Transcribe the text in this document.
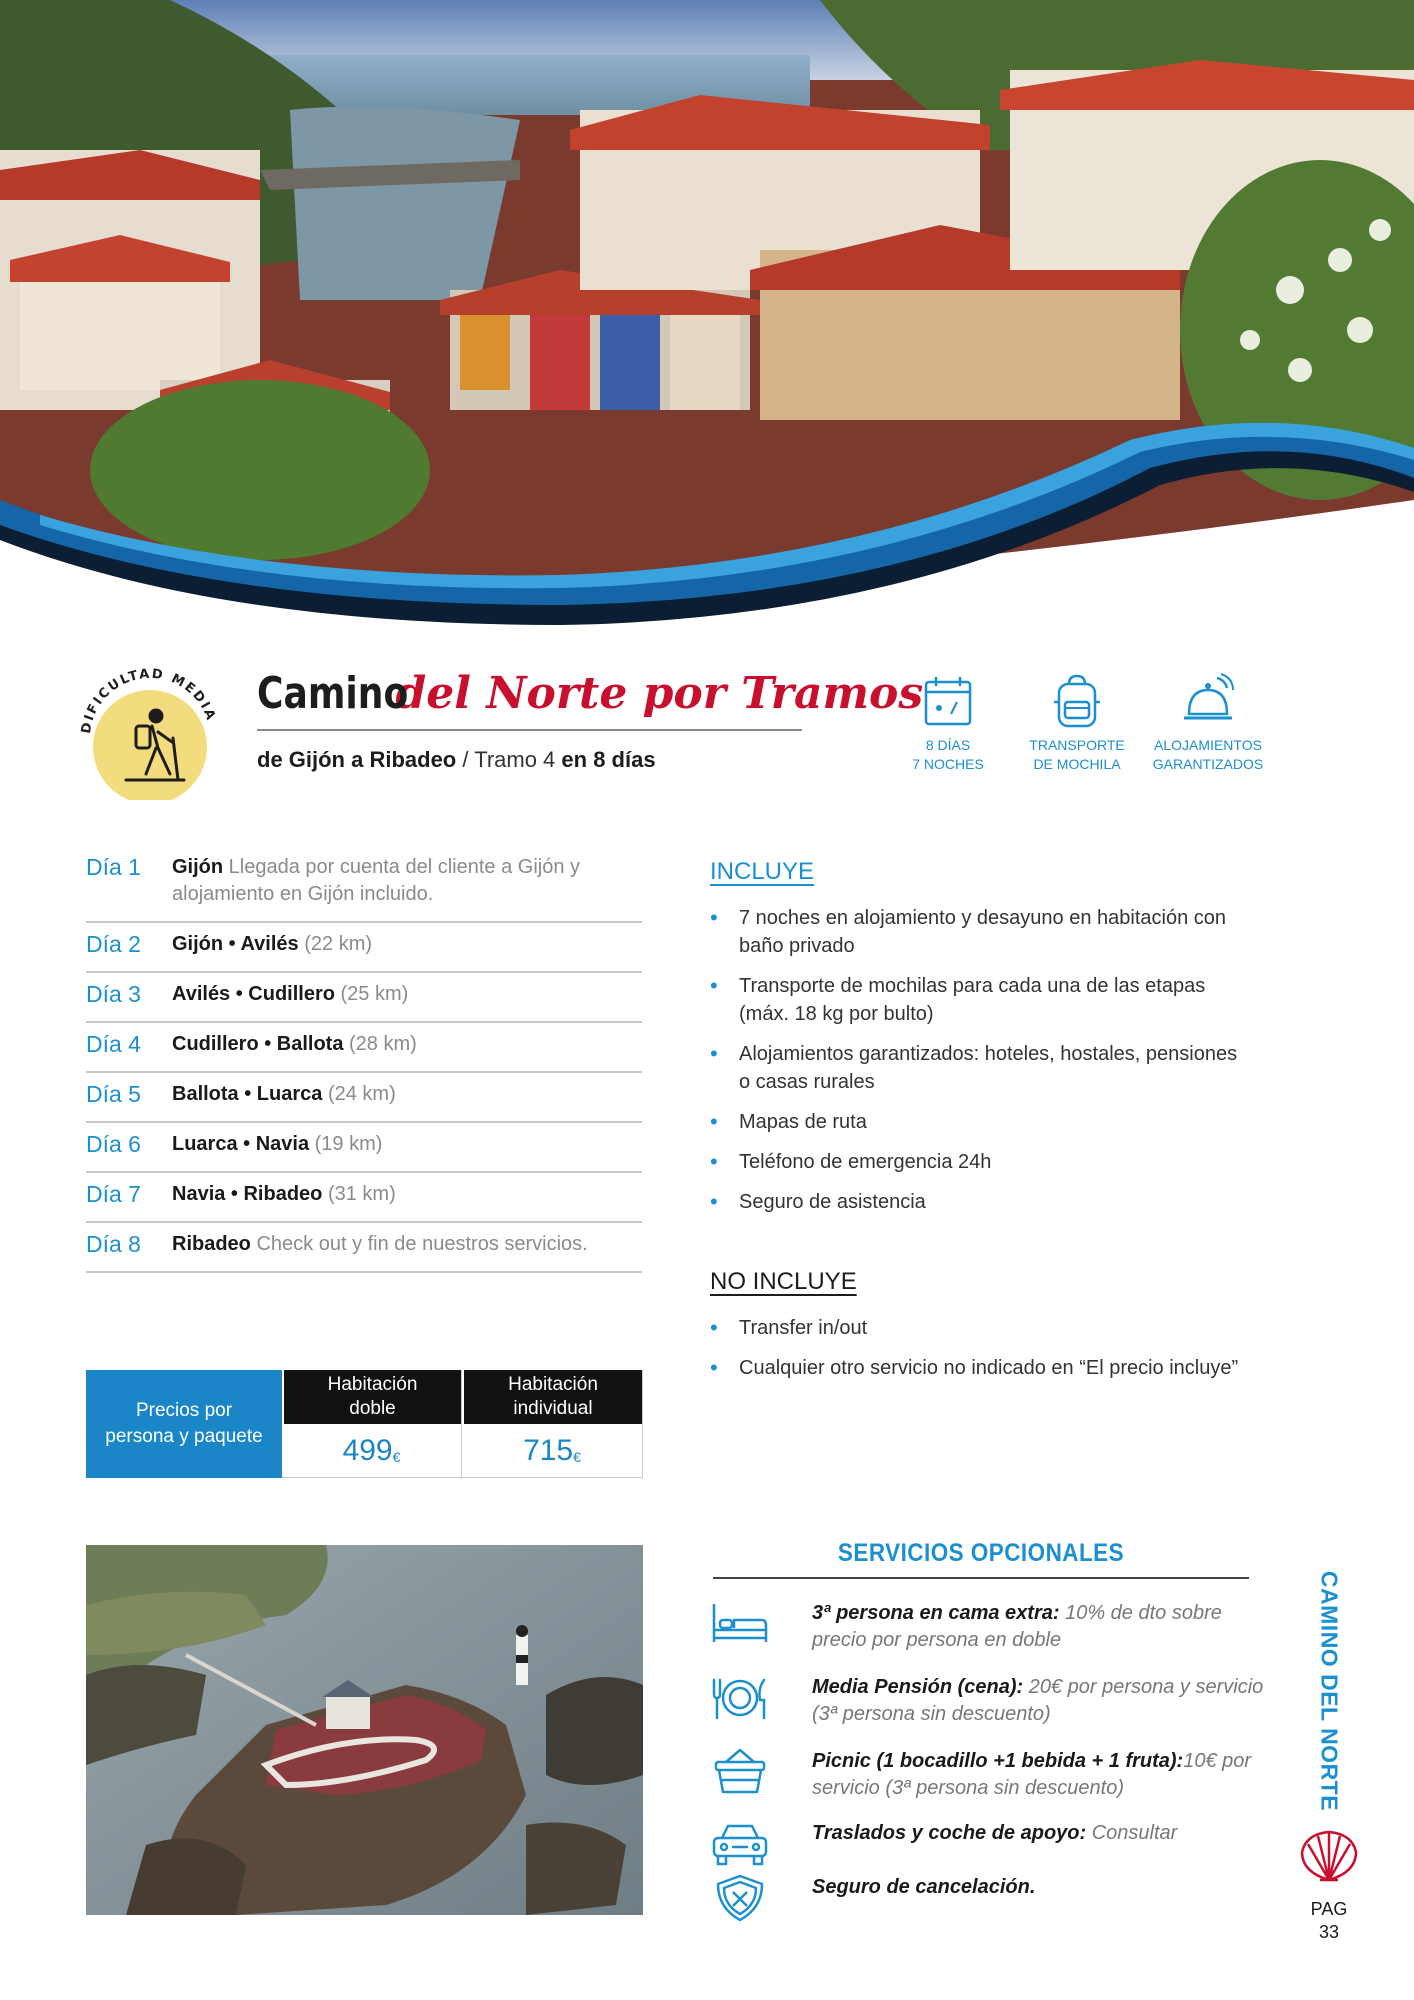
DIFICULTAD MEDIA Camino
del Norte por Tramos
de Gijón a Ribadeo / Tramo 4 en 8 días
8 DÍAS
7 NOCHES
TRANSPORTE
DE MOCHILA
ALOJAMIENTOS
GARANTIZADOS
Día 1	Gijón Llegada por cuenta del cliente a Gijón y alojamiento en Gijón incluido.
Día 2	Gijón • Avilés (22 km)
Día 3	Avilés • Cudillero (25 km)
Día 4	Cudillero • Ballota (28 km)
Día 5	Ballota • Luarca (24 km)
Día 6	Luarca • Navia (19 km)
Día 7	Navia • Ribadeo (31 km)
Día 8	Ribadeo Check out y fin de nuestros servicios.
Precios por
persona y paquete
Habitación
doble
499 €
Habitación
individual
715 €
INCLUYE
• 7 noches en alojamiento y desayuno en habitación con baño privado
• Transporte de mochilas para cada una de las etapas (máx. 18 kg por bulto)
• Alojamientos garantizados: hoteles, hostales, pensiones o casas rurales
• Mapas de ruta
• Teléfono de emergencia 24h
• Seguro de asistencia
NO INCLUYE
• Transfer in/out
• Cualquier otro servicio no indicado en “El precio incluye”
SERVICIOS OPCIONALES
3ª persona en cama extra: 10% de dto sobre precio por persona en doble
Media Pensión (cena): 20€ por persona y servicio (3ª persona sin descuento)
Picnic (1 bocadillo +1 bebida + 1 fruta):10€ por servicio (3ª persona sin descuento)
Traslados y coche de apoyo: Consultar
Seguro de cancelación.
CAMINO DEL NORTE
PAG
33
